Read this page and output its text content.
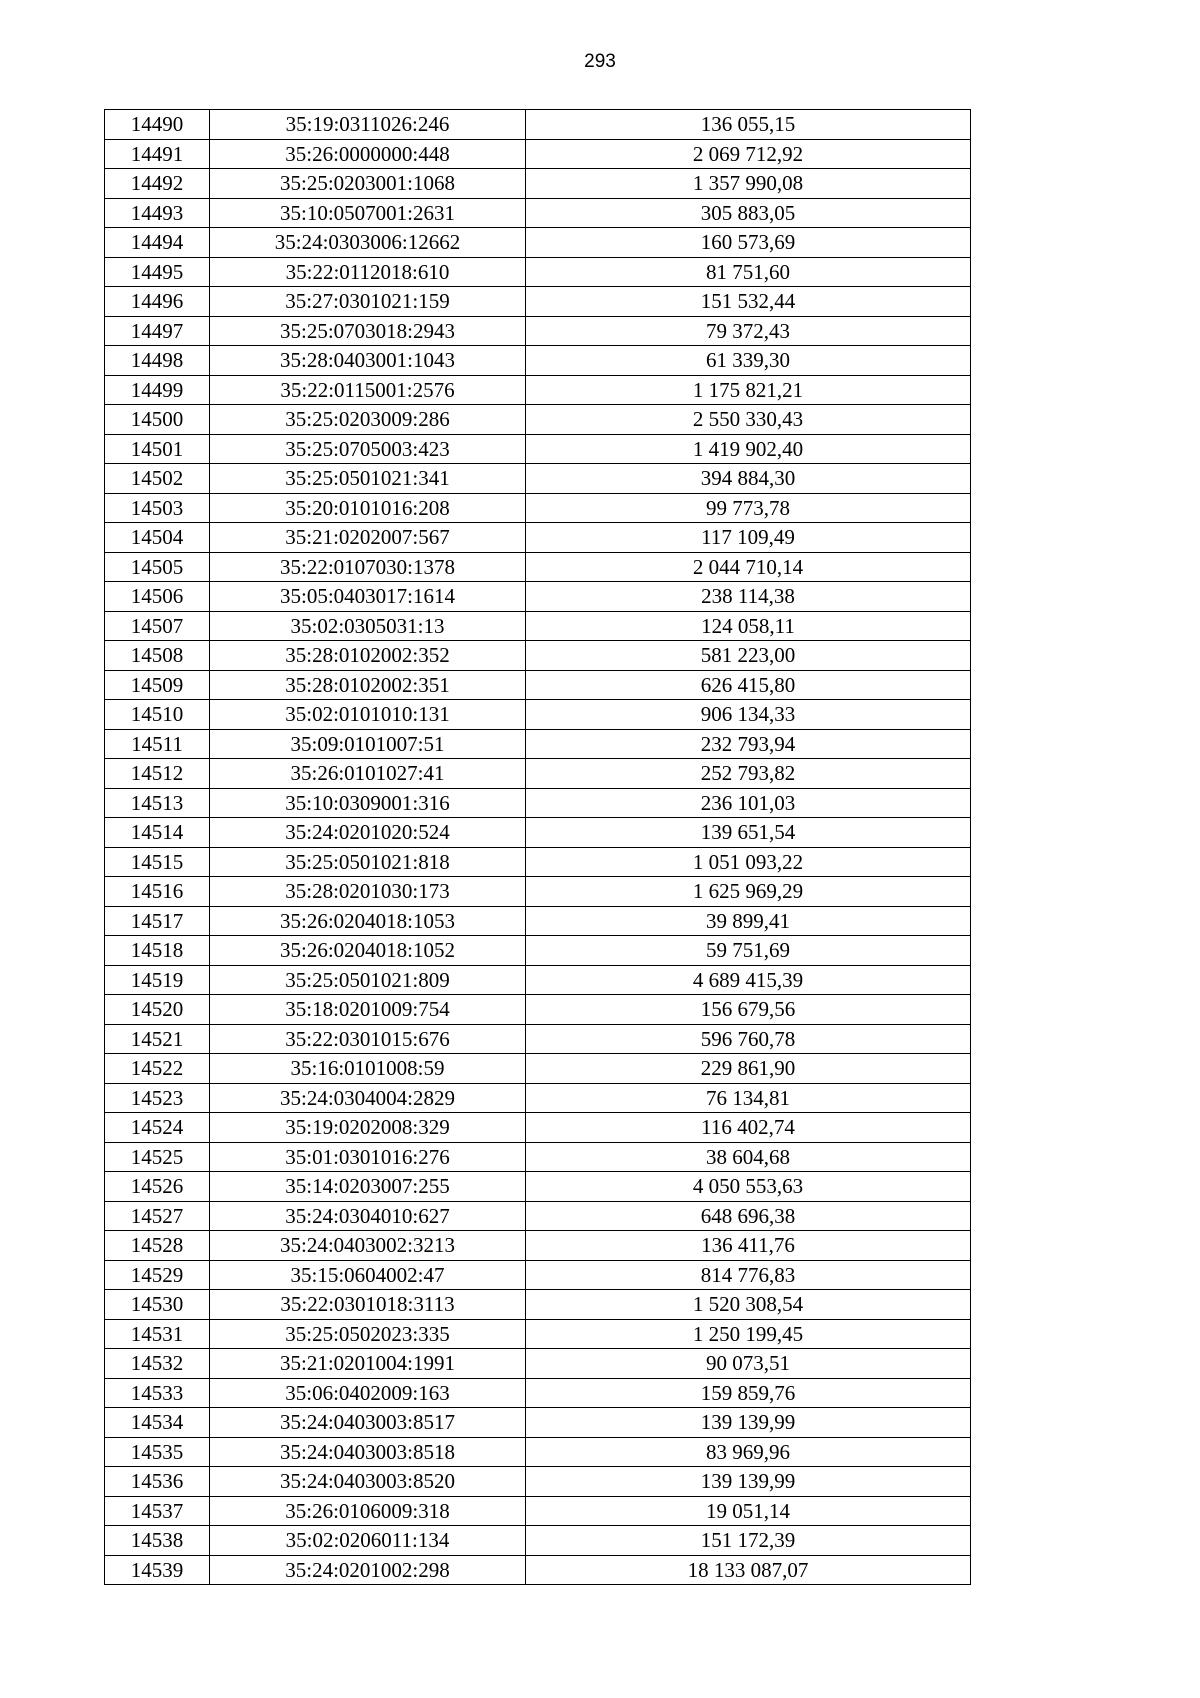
293
14490	35:19:0311026:246	136 055,15
14491	35:26:0000000:448	2 069 712,92
14492	35:25:0203001:1068	1 357 990,08
14493	35:10:0507001:2631	305 883,05
14494	35:24:0303006:12662	160 573,69
14495	35:22:0112018:610	81 751,60
14496	35:27:0301021:159	151 532,44
14497	35:25:0703018:2943	79 372,43
14498	35:28:0403001:1043	61 339,30
14499	35:22:0115001:2576	1 175 821,21
14500	35:25:0203009:286	2 550 330,43
14501	35:25:0705003:423	1 419 902,40
14502	35:25:0501021:341	394 884,30
14503	35:20:0101016:208	99 773,78
14504	35:21:0202007:567	117 109,49
14505	35:22:0107030:1378	2 044 710,14
14506	35:05:0403017:1614	238 114,38
14507	35:02:0305031:13	124 058,11
14508	35:28:0102002:352	581 223,00
14509	35:28:0102002:351	626 415,80
14510	35:02:0101010:131	906 134,33
14511	35:09:0101007:51	232 793,94
14512	35:26:0101027:41	252 793,82
14513	35:10:0309001:316	236 101,03
14514	35:24:0201020:524	139 651,54
14515	35:25:0501021:818	1 051 093,22
14516	35:28:0201030:173	1 625 969,29
14517	35:26:0204018:1053	39 899,41
14518	35:26:0204018:1052	59 751,69
14519	35:25:0501021:809	4 689 415,39
14520	35:18:0201009:754	156 679,56
14521	35:22:0301015:676	596 760,78
14522	35:16:0101008:59	229 861,90
14523	35:24:0304004:2829	76 134,81
14524	35:19:0202008:329	116 402,74
14525	35:01:0301016:276	38 604,68
14526	35:14:0203007:255	4 050 553,63
14527	35:24:0304010:627	648 696,38
14528	35:24:0403002:3213	136 411,76
14529	35:15:0604002:47	814 776,83
14530	35:22:0301018:3113	1 520 308,54
14531	35:25:0502023:335	1 250 199,45
14532	35:21:0201004:1991	90 073,51
14533	35:06:0402009:163	159 859,76
14534	35:24:0403003:8517	139 139,99
14535	35:24:0403003:8518	83 969,96
14536	35:24:0403003:8520	139 139,99
14537	35:26:0106009:318	19 051,14
14538	35:02:0206011:134	151 172,39
14539	35:24:0201002:298	18 133 087,07
